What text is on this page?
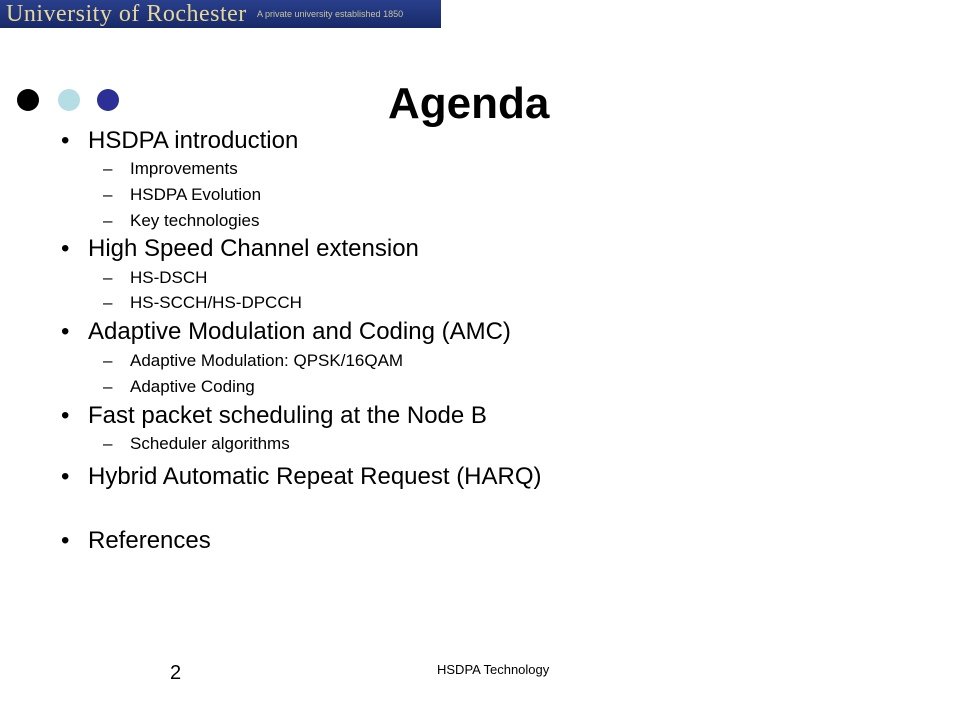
University of Rochester A private university established 1850
Agenda
• HSDPA introduction
– Improvements
– HSDPA Evolution
– Key technologies
• High Speed Channel extension
– HS-DSCH
– HS-SCCH/HS-DPCCH
• Adaptive Modulation and Coding (AMC)
– Adaptive Modulation: QPSK/16QAM
– Adaptive Coding
• Fast packet scheduling at the Node B
– Scheduler algorithms
• Hybrid Automatic Repeat Request (HARQ)
• References
2	HSDPA Technology
